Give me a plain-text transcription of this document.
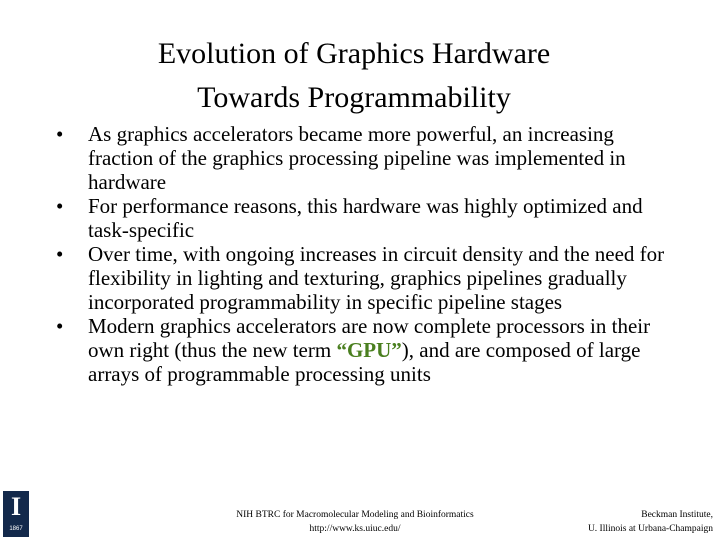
Evolution of Graphics Hardware
Towards Programmability
• As graphics accelerators became more powerful, an increasing fraction of the graphics processing pipeline was implemented in hardware
• For performance reasons, this hardware was highly optimized and task-specific
• Over time, with ongoing increases in circuit density and the need for flexibility in lighting and texturing, graphics pipelines gradually incorporated programmability in specific pipeline stages
• Modern graphics accelerators are now complete processors in their own right (thus the new term “GPU”), and are composed of large arrays of programmable processing units
I
1867
NIH BTRC for Macromolecular Modeling and Bioinformatics
http://www.ks.uiuc.edu/
Beckman Institute,
U. Illinois at Urbana-Champaign
